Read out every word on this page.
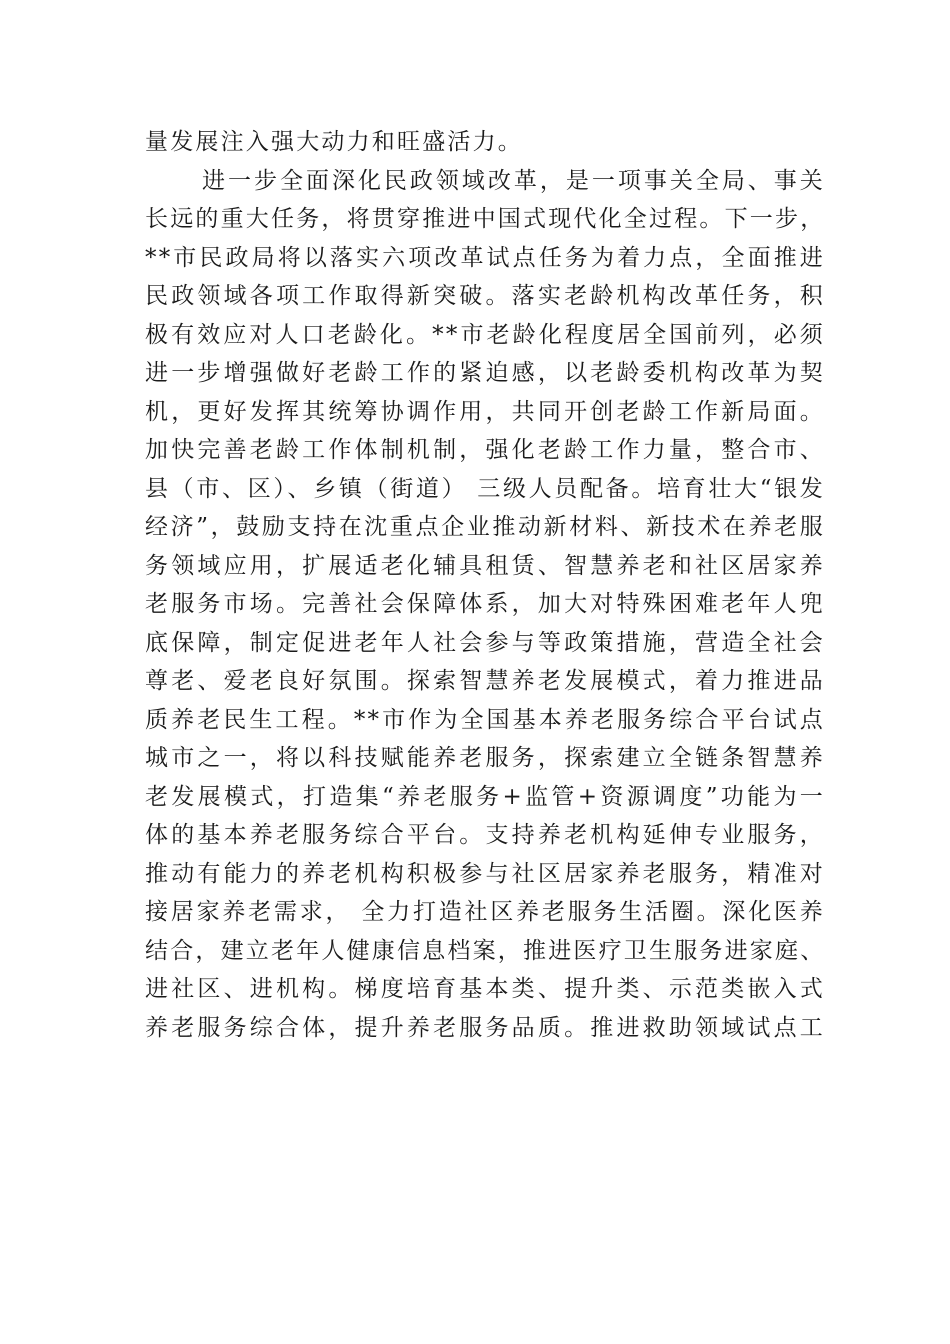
量发展注入强大动力和旺盛活力。
进一步全面深化民政领域改革，是一项事关全局、事关
长远的重大任务，将贯穿推进中国式现代化全过程。下一步，
**市民政局将以落实六项改革试点任务为着力点，全面推进
民政领域各项工作取得新突破。落实老龄机构改革任务，积
极有效应对人口老龄化。**市老龄化程度居全国前列，必须
进一步增强做好老龄工作的紧迫感，以老龄委机构改革为契
机，更好发挥其统筹协调作用，共同开创老龄工作新局面。
加快完善老龄工作体制机制，强化老龄工作力量，整合市、
县（市、区）、乡镇（街道） 三级人员配备。培育壮大“银发
经济”，鼓励支持在沈重点企业推动新材料、新技术在养老服
务领域应用，扩展适老化辅具租赁、智慧养老和社区居家养
老服务市场。完善社会保障体系，加大对特殊困难老年人兜
底保障，制定促进老年人社会参与等政策措施，营造全社会
尊老、爱老良好氛围。探索智慧养老发展模式，着力推进品
质养老民生工程。**市作为全国基本养老服务综合平台试点
城市之一，将以科技赋能养老服务，探索建立全链条智慧养
老发展模式，打造集“养老服务+监管+资源调度”功能为一
体的基本养老服务综合平台。支持养老机构延伸专业服务，
推动有能力的养老机构积极参与社区居家养老服务，精准对
接居家养老需求， 全力打造社区养老服务生活圈。深化医养
结合，建立老年人健康信息档案，推进医疗卫生服务进家庭、
进社区、进机构。梯度培育基本类、提升类、示范类嵌入式
养老服务综合体，提升养老服务品质。推进救助领域试点工
